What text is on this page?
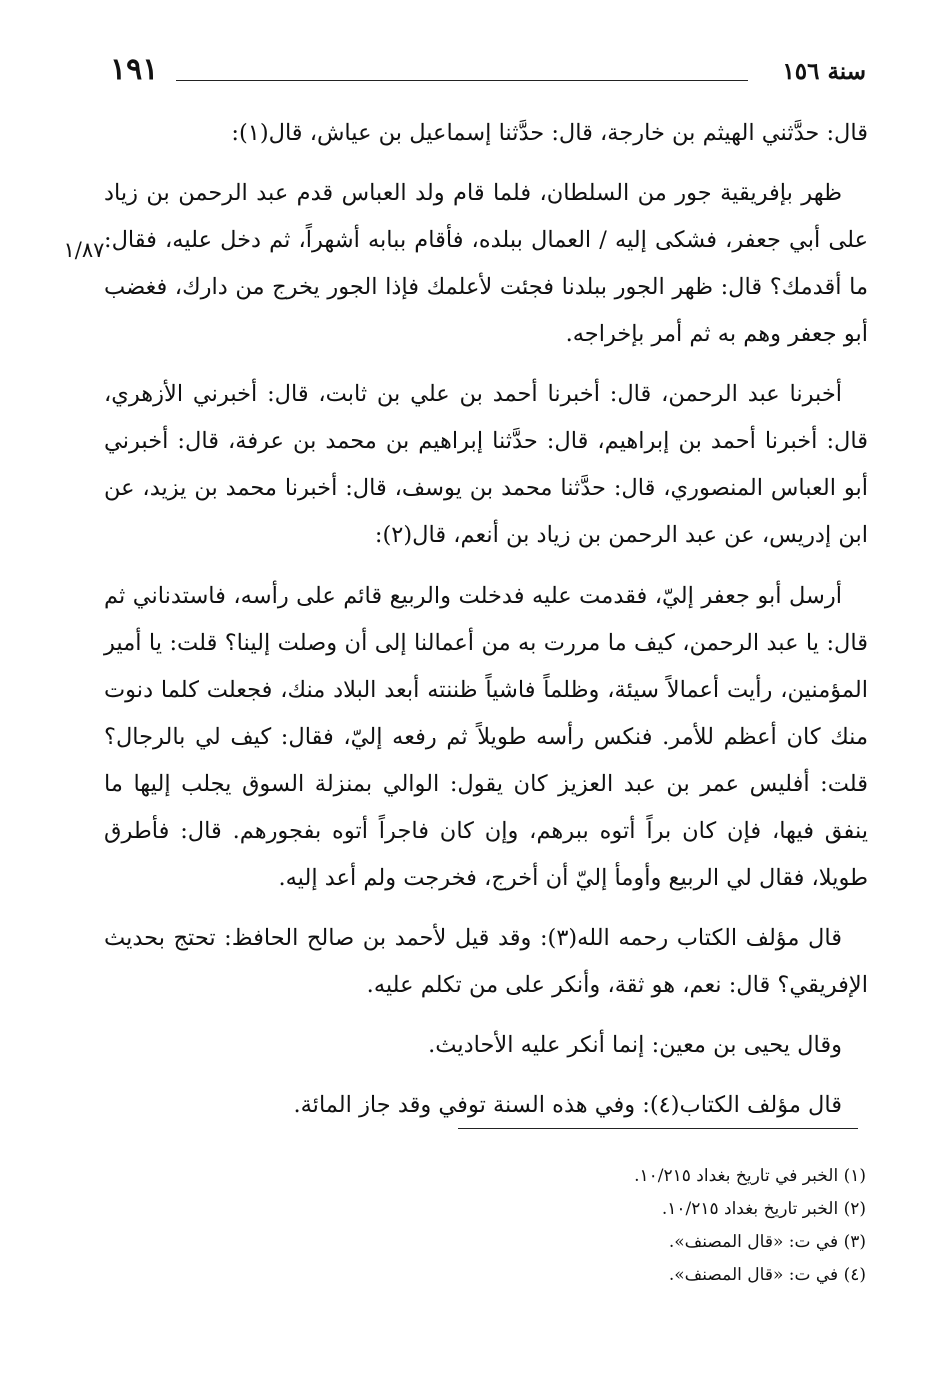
سنة ١٥٦
١٩١
١/٨٧

قال: حدَّثني الهيثم بن خارجة، قال: حدَّثنا إسماعيل بن عياش، قال(١):

ظهر بإفريقية جور من السلطان، فلما قام ولد العباس قدم عبد الرحمن بن زياد على أبي جعفر، فشكى إليه / العمال ببلده، فأقام ببابه أشهراً، ثم دخل عليه، فقال: ما أقدمك؟ قال: ظهر الجور ببلدنا فجئت لأعلمك فإذا الجور يخرج من دارك، فغضب أبو جعفر وهم به ثم أمر بإخراجه.

أخبرنا عبد الرحمن، قال: أخبرنا أحمد بن علي بن ثابت، قال: أخبرني الأزهري، قال: أخبرنا أحمد بن إبراهيم، قال: حدَّثنا إبراهيم بن محمد بن عرفة، قال: أخبرني أبو العباس المنصوري، قال: حدَّثنا محمد بن يوسف، قال: أخبرنا محمد بن يزيد، عن ابن إدريس، عن عبد الرحمن بن زياد بن أنعم، قال(٢):

أرسل أبو جعفر إليّ، فقدمت عليه فدخلت والربيع قائم على رأسه، فاستدناني ثم قال: يا عبد الرحمن، كيف ما مررت به من أعمالنا إلى أن وصلت إلينا؟ قلت: يا أمير المؤمنين، رأيت أعمالاً سيئة، وظلماً فاشياً ظننته أبعد البلاد منك، فجعلت كلما دنوت منك كان أعظم للأمر. فنكس رأسه طويلاً ثم رفعه إليّ، فقال: كيف لي بالرجال؟ قلت: أفليس عمر بن عبد العزيز كان يقول: الوالي بمنزلة السوق يجلب إليها ما ينفق فيها، فإن كان براً أتوه ببرهم، وإن كان فاجراً أتوه بفجورهم. قال: فأطرق طويلا، فقال لي الربيع وأومأ إليّ أن أخرج، فخرجت ولم أعد إليه.

قال مؤلف الكتاب رحمه الله(٣): وقد قيل لأحمد بن صالح الحافظ: تحتج بحديث الإفريقي؟ قال: نعم، هو ثقة، وأنكر على من تكلم عليه.

وقال يحيى بن معين: إنما أنكر عليه الأحاديث.

قال مؤلف الكتاب(٤): وفي هذه السنة توفي وقد جاز المائة.

(١) الخبر في تاريخ بغداد ١٠/٢١٥.
(٢) الخبر تاريخ بغداد ١٠/٢١٥.
(٣) في ت: «قال المصنف».
(٤) في ت: «قال المصنف».
